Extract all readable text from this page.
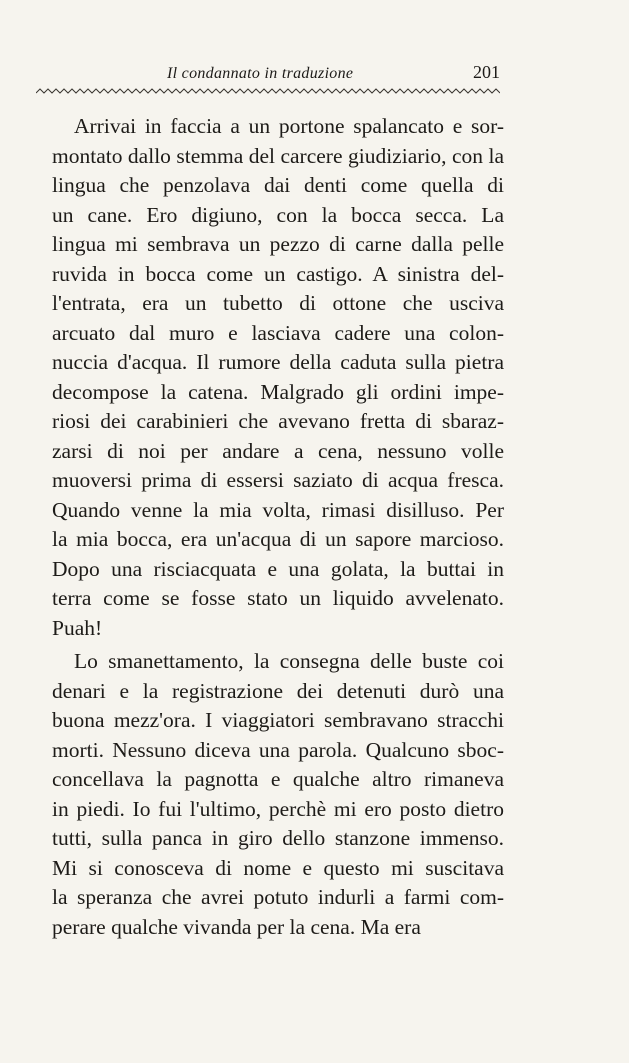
Il condannato in traduzione	201
Arrivai in faccia a un portone spalancato e sor-
montato dallo stemma del carcere giudiziario, con la
lingua che penzolava dai denti come quella di
un cane. Ero digiuno, con la bocca secca. La
lingua mi sembrava un pezzo di carne dalla pelle
ruvida in bocca come un castigo. A sinistra del-
l'entrata, era un tubetto di ottone che usciva
arcuato dal muro e lasciava cadere una colon-
nuccia d'acqua. Il rumore della caduta sulla pietra
decompose la catena. Malgrado gli ordini impe-
riosi dei carabinieri che avevano fretta di sbaraz-
zarsi di noi per andare a cena, nessuno volle
muoversi prima di essersi saziato di acqua fresca.
Quando venne la mia volta, rimasi disilluso. Per
la mia bocca, era un'acqua di un sapore marcioso.
Dopo una risciacquata e una golata, la buttai in
terra come se fosse stato un liquido avvelenato.
Puah!
Lo smanettamento, la consegna delle buste coi
denari e la registrazione dei detenuti durò una
buona mezz'ora. I viaggiatori sembravano stracchi
morti. Nessuno diceva una parola. Qualcuno sboc-
concellava la pagnotta e qualche altro rimaneva
in piedi. Io fui l'ultimo, perchè mi ero posto dietro
tutti, sulla panca in giro dello stanzone immenso.
Mi si conosceva di nome e questo mi suscitava
la speranza che avrei potuto indurli a farmi com-
perare qualche vivanda per la cena. Ma era
